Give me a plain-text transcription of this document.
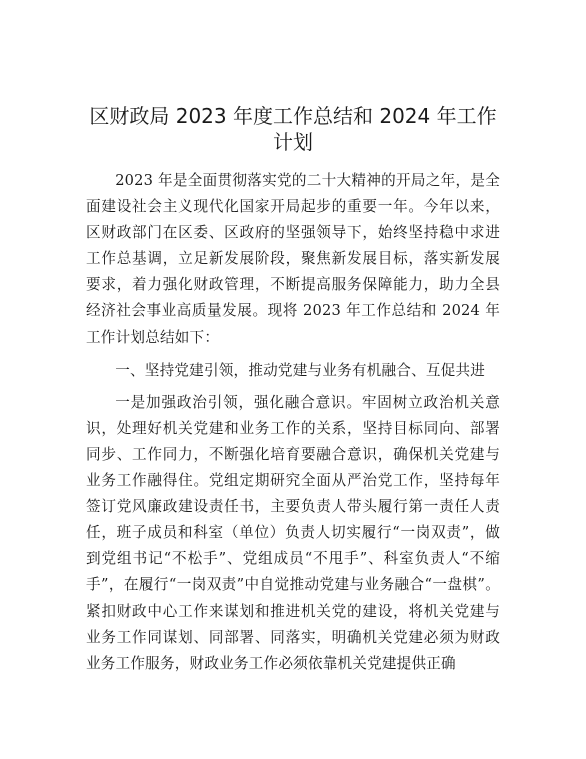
区财政局 2023 年度工作总结和 2024 年工作计划

2023 年是全面贯彻落实党的二十大精神的开局之年，是全面建设社会主义现代化国家开局起步的重要一年。今年以来，区财政部门在区委、区政府的坚强领导下，始终坚持稳中求进工作总基调，立足新发展阶段，聚焦新发展目标，落实新发展要求，着力强化财政管理，不断提高服务保障能力，助力全县经济社会事业高质量发展。现将 2023 年工作总结和 2024 年工作计划总结如下：

一、坚持党建引领，推动党建与业务有机融合、互促共进

一是加强政治引领，强化融合意识。牢固树立政治机关意识，处理好机关党建和业务工作的关系，坚持目标同向、部署同步、工作同力，不断强化培育要融合意识，确保机关党建与业务工作融得住。党组定期研究全面从严治党工作，坚持每年签订党风廉政建设责任书，主要负责人带头履行第一责任人责任，班子成员和科室（单位）负责人切实履行“一岗双责”，做到党组书记“不松手”、党组成员“不甩手”、科室负责人“不缩手”，在履行“一岗双责”中自觉推动党建与业务融合“一盘棋”。紧扣财政中心工作来谋划和推进机关党的建设，将机关党建与业务工作同谋划、同部署、同落实，明确机关党建必须为财政业务工作服务，财政业务工作必须依靠机关党建提供正确
